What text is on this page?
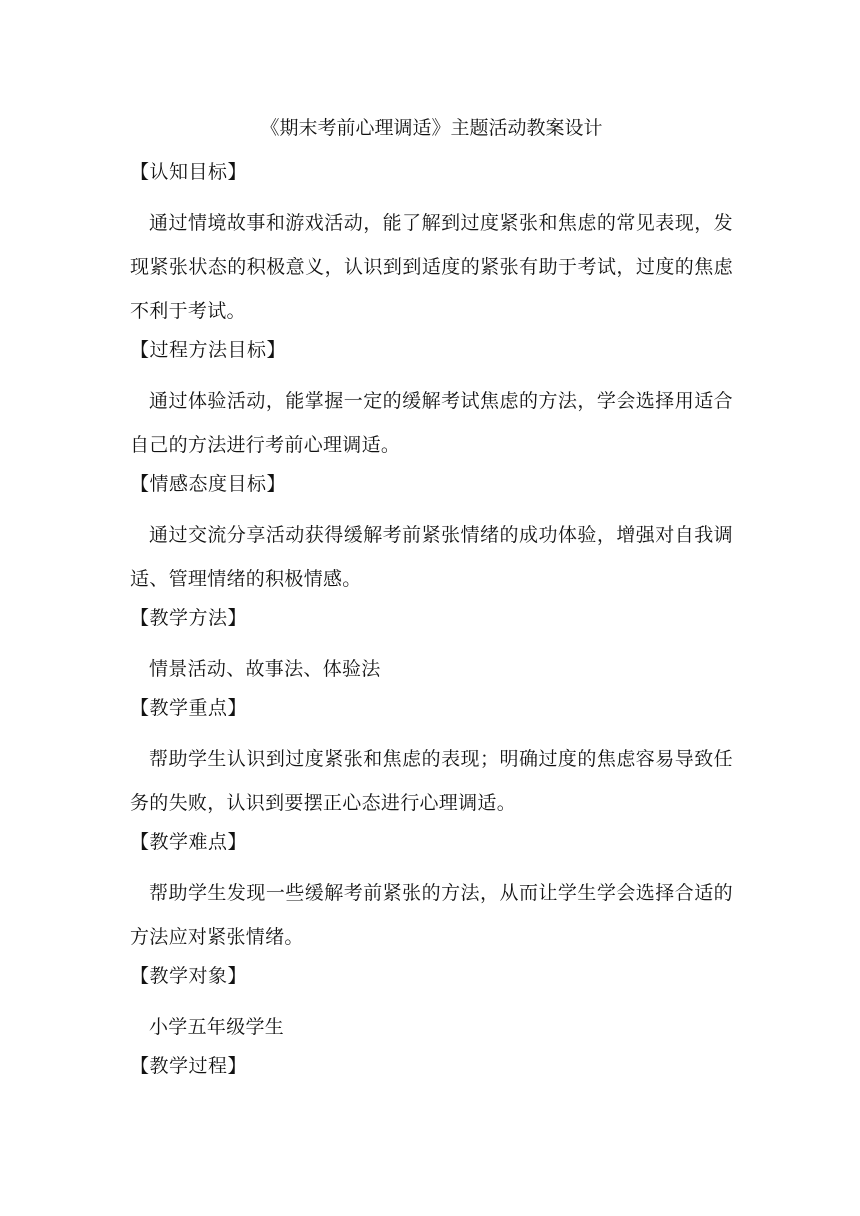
《期末考前心理调适》主题活动教案设计
【认知目标】

通过情境故事和游戏活动，能了解到过度紧张和焦虑的常见表现，发现紧张状态的积极意义，认识到到适度的紧张有助于考试，过度的焦虑不利于考试。

【过程方法目标】

通过体验活动，能掌握一定的缓解考试焦虑的方法，学会选择用适合自己的方法进行考前心理调适。

【情感态度目标】

通过交流分享活动获得缓解考前紧张情绪的成功体验，增强对自我调适、管理情绪的积极情感。

【教学方法】

情景活动、故事法、体验法

【教学重点】

帮助学生认识到过度紧张和焦虑的表现；明确过度的焦虑容易导致任务的失败，认识到要摆正心态进行心理调适。

【教学难点】

帮助学生发现一些缓解考前紧张的方法，从而让学生学会选择合适的方法应对紧张情绪。

【教学对象】

小学五年级学生

【教学过程】
